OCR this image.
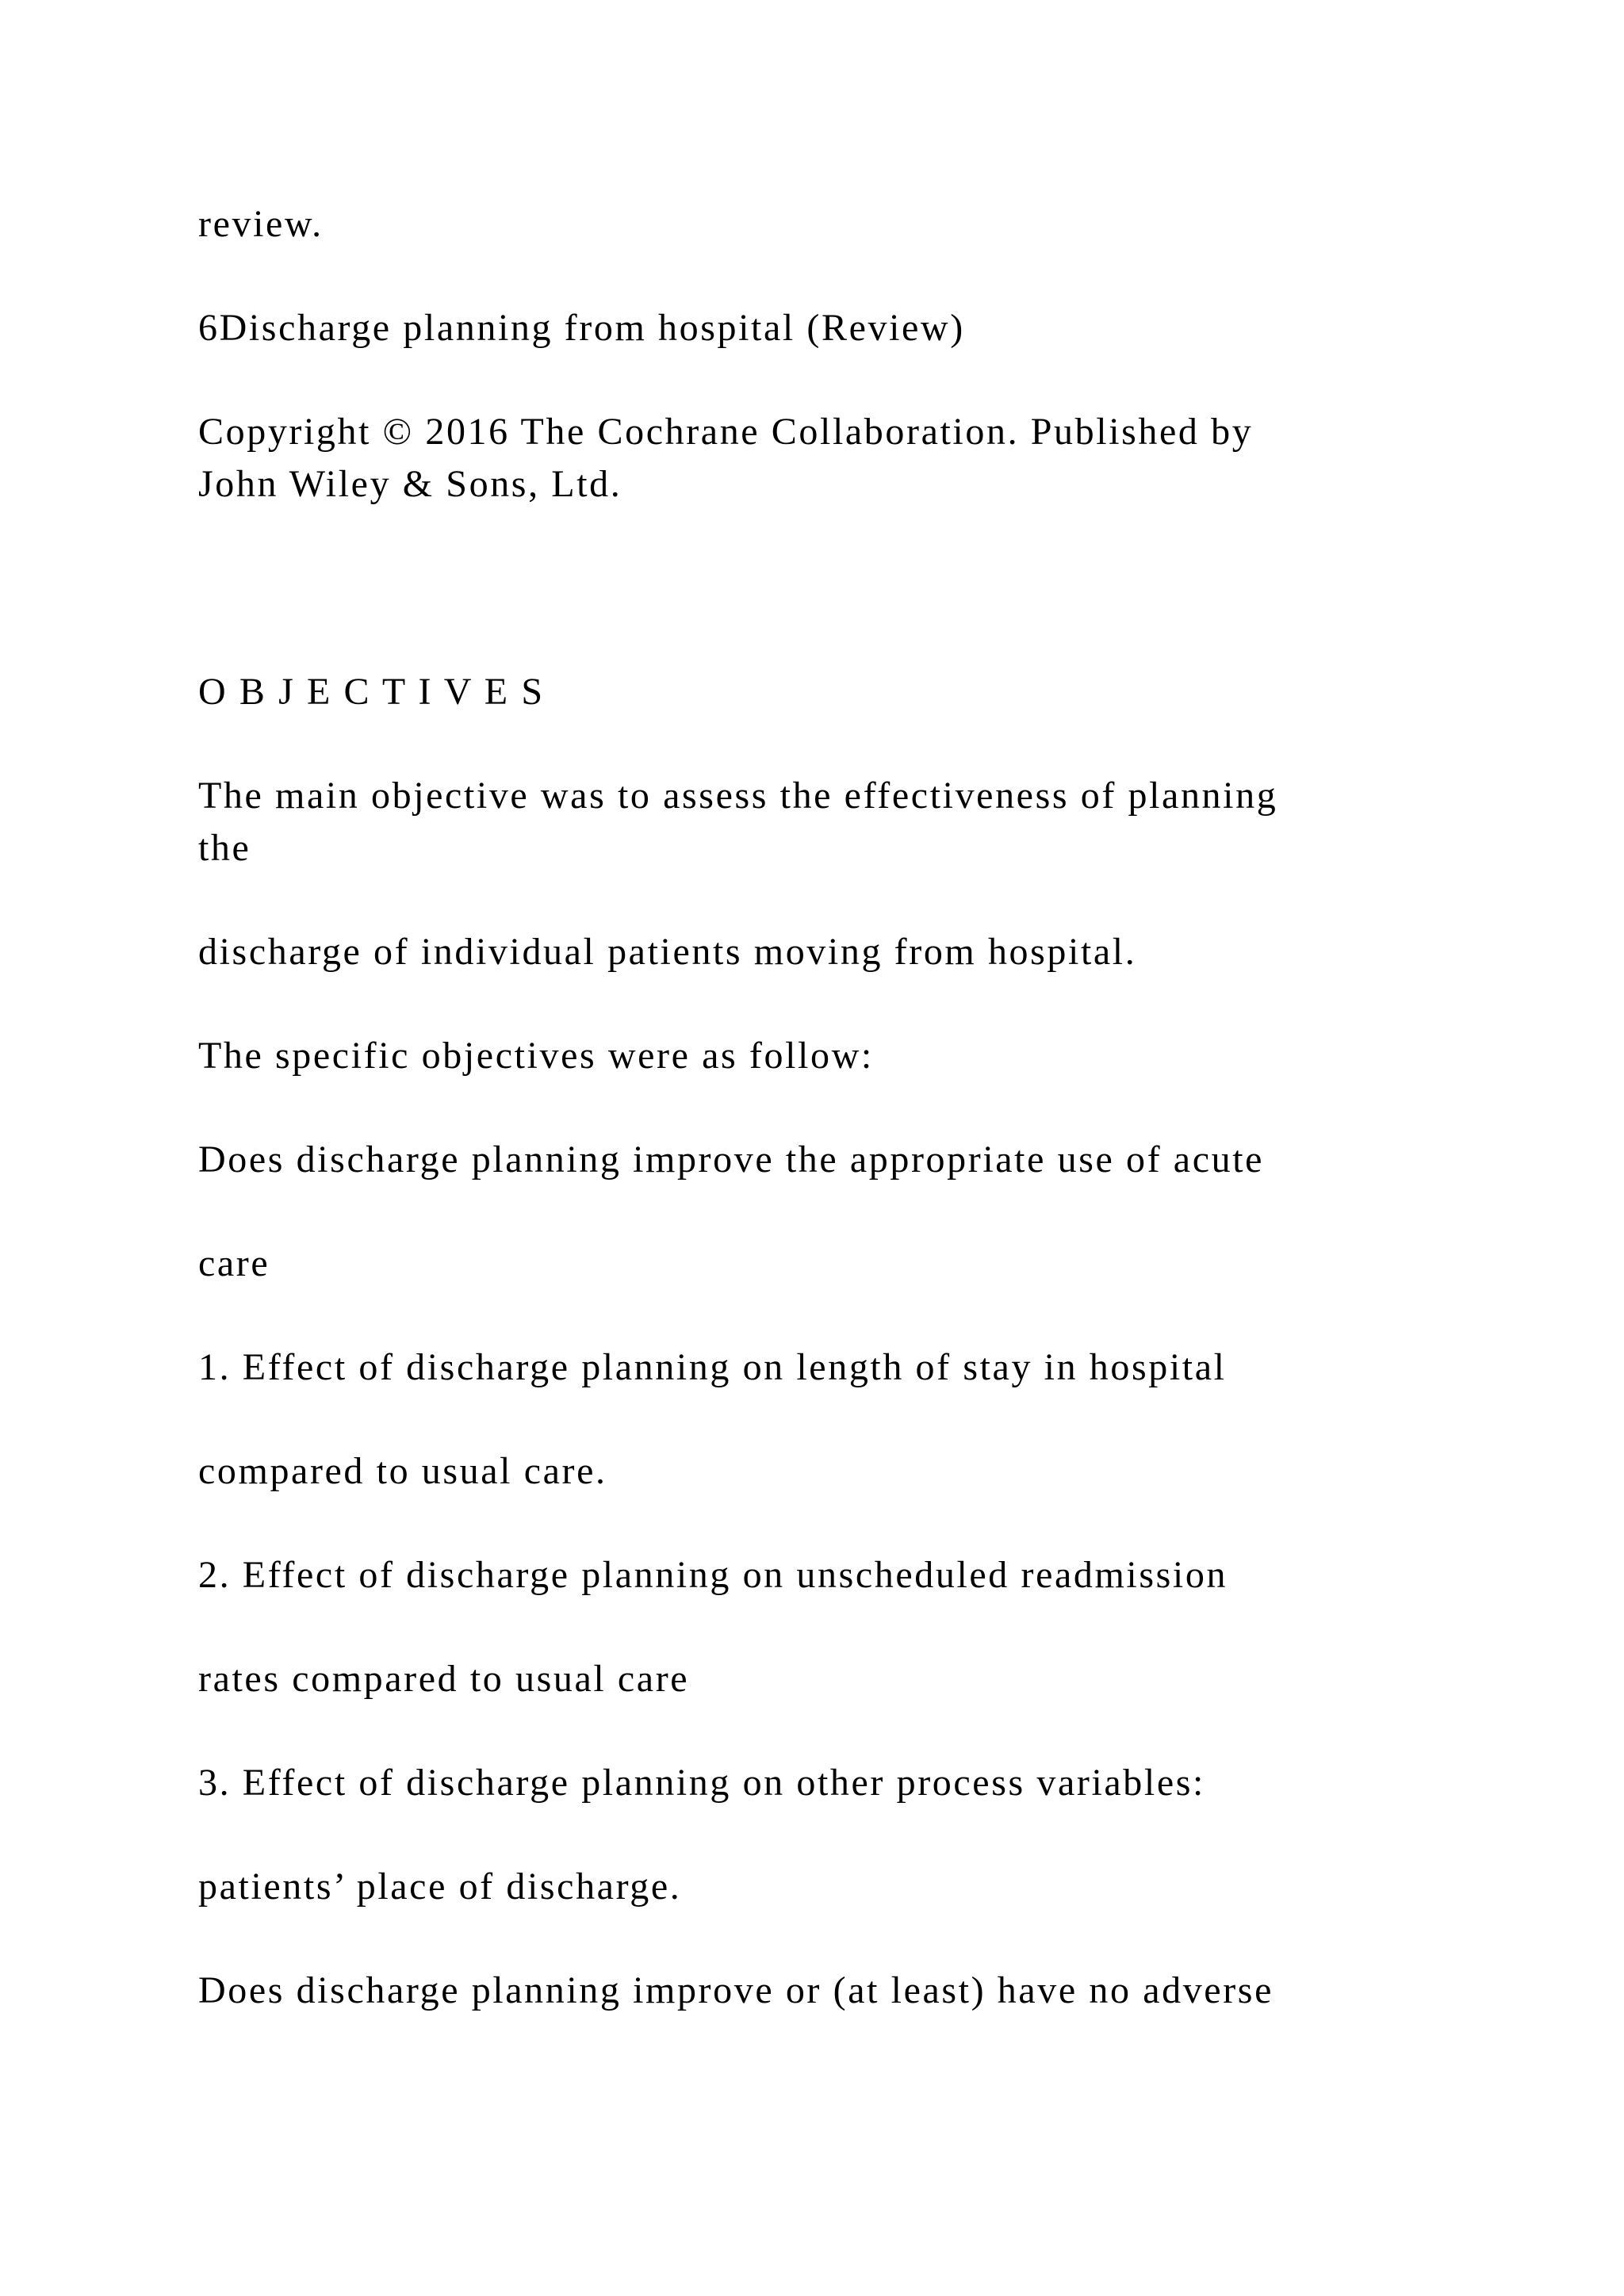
review.

6Discharge planning from hospital (Review)

Copyright © 2016 The Cochrane Collaboration. Published by

John Wiley & Sons, Ltd.

O B J E C T I V E S

The main objective was to assess the effectiveness of planning

the

discharge of individual patients moving from hospital.

The specific objectives were as follow:

Does discharge planning improve the appropriate use of acute

care

1. Effect of discharge planning on length of stay in hospital

compared to usual care.

2. Effect of discharge planning on unscheduled readmission

rates compared to usual care

3. Effect of discharge planning on other process variables:

patients’ place of discharge.

Does discharge planning improve or (at least) have no adverse
